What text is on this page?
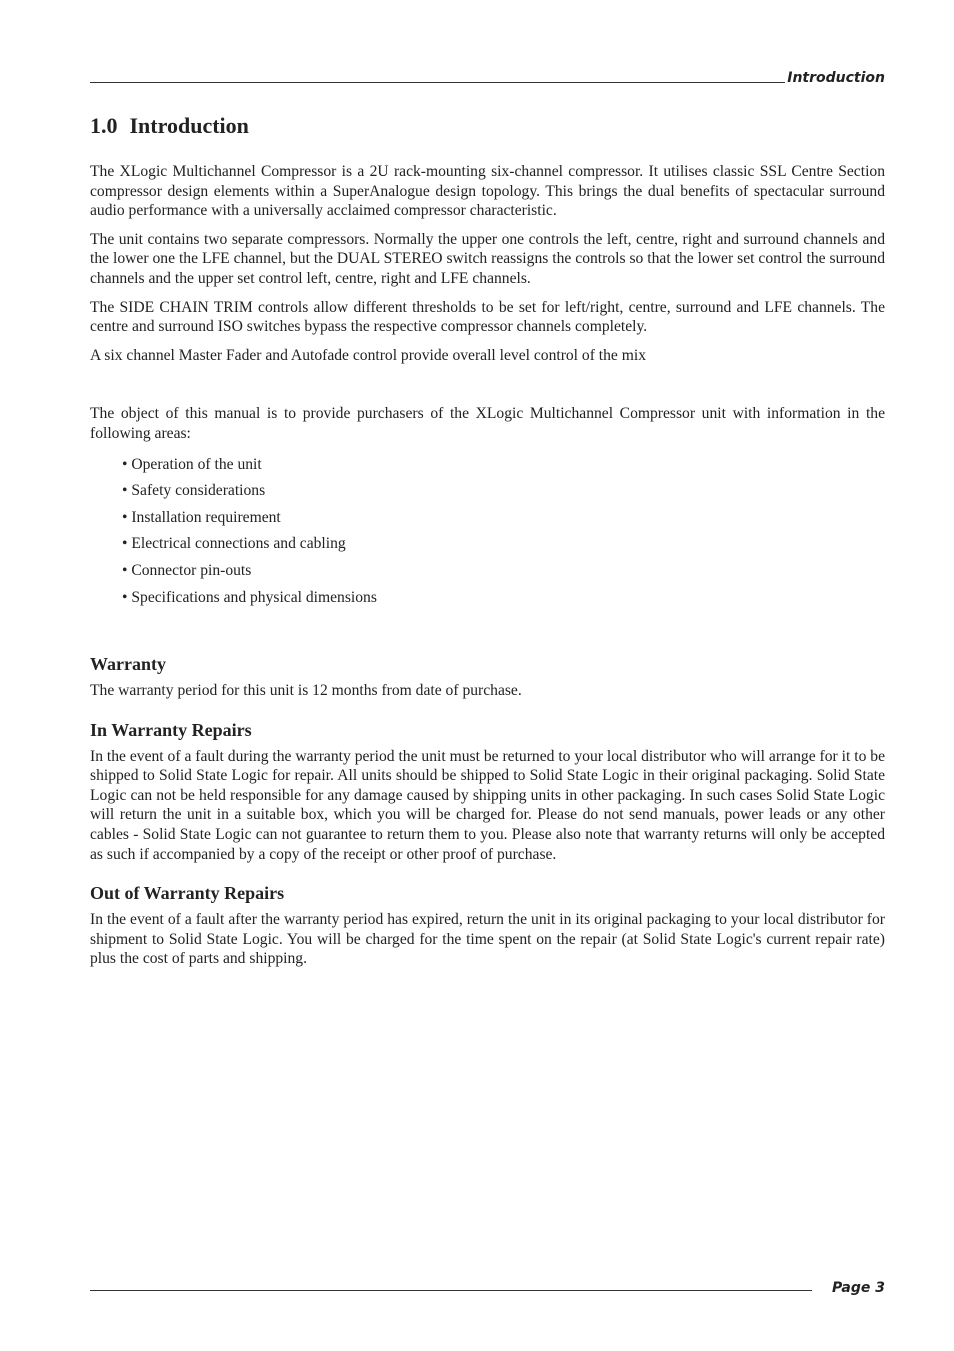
Introduction
1.0 Introduction

The XLogic Multichannel Compressor is a 2U rack-mounting six-channel compressor. It utilises classic SSL Centre Section compressor design elements within a SuperAnalogue design topology. This brings the dual benefits of spectacular surround audio performance with a universally acclaimed compressor characteristic.

The unit contains two separate compressors. Normally the upper one controls the left, centre, right and surround channels and the lower one the LFE channel, but the DUAL STEREO switch reassigns the controls so that the lower set control the surround channels and the upper set control left, centre, right and LFE channels.

The SIDE CHAIN TRIM controls allow different thresholds to be set for left/right, centre, surround and LFE channels. The centre and surround ISO switches bypass the respective compressor channels completely.

A six channel Master Fader and Autofade control provide overall level control of the mix

The object of this manual is to provide purchasers of the XLogic Multichannel Compressor unit with information in the following areas:

• Operation of the unit
• Safety considerations
• Installation requirement
• Electrical connections and cabling
• Connector pin-outs
• Specifications and physical dimensions
Warranty

The warranty period for this unit is 12 months from date of purchase.

In Warranty Repairs

In the event of a fault during the warranty period the unit must be returned to your local distributor who will arrange for it to be shipped to Solid State Logic for repair. All units should be shipped to Solid State Logic in their original packaging. Solid State Logic can not be held responsible for any damage caused by shipping units in other packaging. In such cases Solid State Logic will return the unit in a suitable box, which you will be charged for. Please do not send manuals, power leads or any other cables - Solid State Logic can not guarantee to return them to you. Please also note that warranty returns will only be accepted as such if accompanied by a copy of the receipt or other proof of purchase.

Out of Warranty Repairs

In the event of a fault after the warranty period has expired, return the unit in its original packaging to your local distributor for shipment to Solid State Logic. You will be charged for the time spent on the repair (at Solid State Logic's current repair rate) plus the cost of parts and shipping.

Page 3
